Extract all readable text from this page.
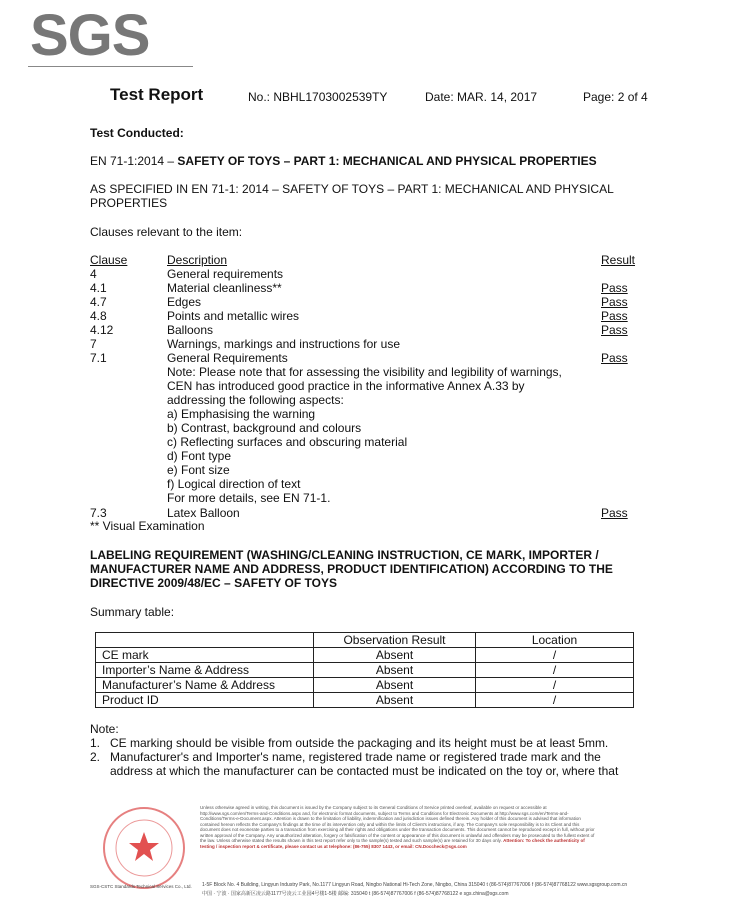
SGS
Test Report	No.: NBHL1703002539TY	Date: MAR. 14, 2017	Page: 2 of 4
Test Conducted:
EN 71-1:2014 – SAFETY OF TOYS – PART 1: MECHANICAL AND PHYSICAL PROPERTIES
AS SPECIFIED IN EN 71-1: 2014 – SAFETY OF TOYS – PART 1: MECHANICAL AND PHYSICAL
PROPERTIES
Clauses relevant to the item:
Clause	Description	Result
4	General requirements
4.1	Material cleanliness**	Pass
4.7	Edges	Pass
4.8	Points and metallic wires	Pass
4.12	Balloons	Pass
7	Warnings, markings and instructions for use
7.1	General Requirements	Pass
Note: Please note that for assessing the visibility and legibility of warnings,
CEN has introduced good practice in the informative Annex A.33 by
addressing the following aspects:
a) Emphasising the warning
b) Contrast, background and colours
c) Reflecting surfaces and obscuring material
d) Font type
e) Font size
f) Logical direction of text
For more details, see EN 71-1.
7.3	Latex Balloon	Pass
** Visual Examination
LABELING REQUIREMENT (WASHING/CLEANING INSTRUCTION, CE MARK, IMPORTER /
MANUFACTURER NAME AND ADDRESS, PRODUCT IDENTIFICATION) ACCORDING TO THE
DIRECTIVE 2009/48/EC – SAFETY OF TOYS
Summary table:
	Observation Result	Location
CE mark	Absent	/
Importer’s Name & Address	Absent	/
Manufacturer’s Name & Address	Absent	/
Product ID	Absent	/
Note:
1.   CE marking should be visible from outside the packaging and its height must be at least 5mm.
2.   Manufacturer's and Importer's name, registered trade name or registered trade mark and the
address at which the manufacturer can be contacted must be indicated on the toy or, where that
Unless otherwise agreed in writing, this document is issued by the Company subject to its General Conditions of Service printed overleaf, available on request or accessible at http://www.sgs.com/en/Terms-and-Conditions.aspx and, for electronic format documents, subject to Terms and Conditions for Electronic Documents at http://www.sgs.com/en/Terms-and-Conditions/Terms-e-Document.aspx. Attention is drawn to the limitation of liability, indemnification and jurisdiction issues defined therein. Any holder of this document is advised that information contained hereon reflects the Company's findings at the time of its intervention only and within the limits of Client's instructions, if any. The Company's sole responsibility is to its Client and this document does not exonerate parties to a transaction from exercising all their rights and obligations under the transaction documents. This document cannot be reproduced except in full, without prior written approval of the Company. Any unauthorized alteration, forgery or falsification of the content or appearance of this document is unlawful and offenders may be prosecuted to the fullest extent of the law. Unless otherwise stated the results shown in this test report refer only to the sample(s) tested and such sample(s) are retained for 30 days only. Attention: To check the authenticity of testing / inspection report & certificate, please contact us at telephone: (86-755) 8307 1443, or email: CN.Doccheck@sgs.com
SGS-CSTC Standards Technical Services Co., Ltd. 1-5F Block No. 4 Building, Lingyun Industry Park, No.1177 Lingyun Road, Ningbo National Hi-Tech Zone, Ningbo, China 315040 t (86-574)87767006 f (86-574)87768122 www.sgsgroup.com.cn
中国 · 宁波 · 国家高新区凌云路1177号凌云工业园4号楼1-5楼 邮编: 315040 t (86-574)87767006 f (86-574)87768122 e sgs.china@sgs.com
